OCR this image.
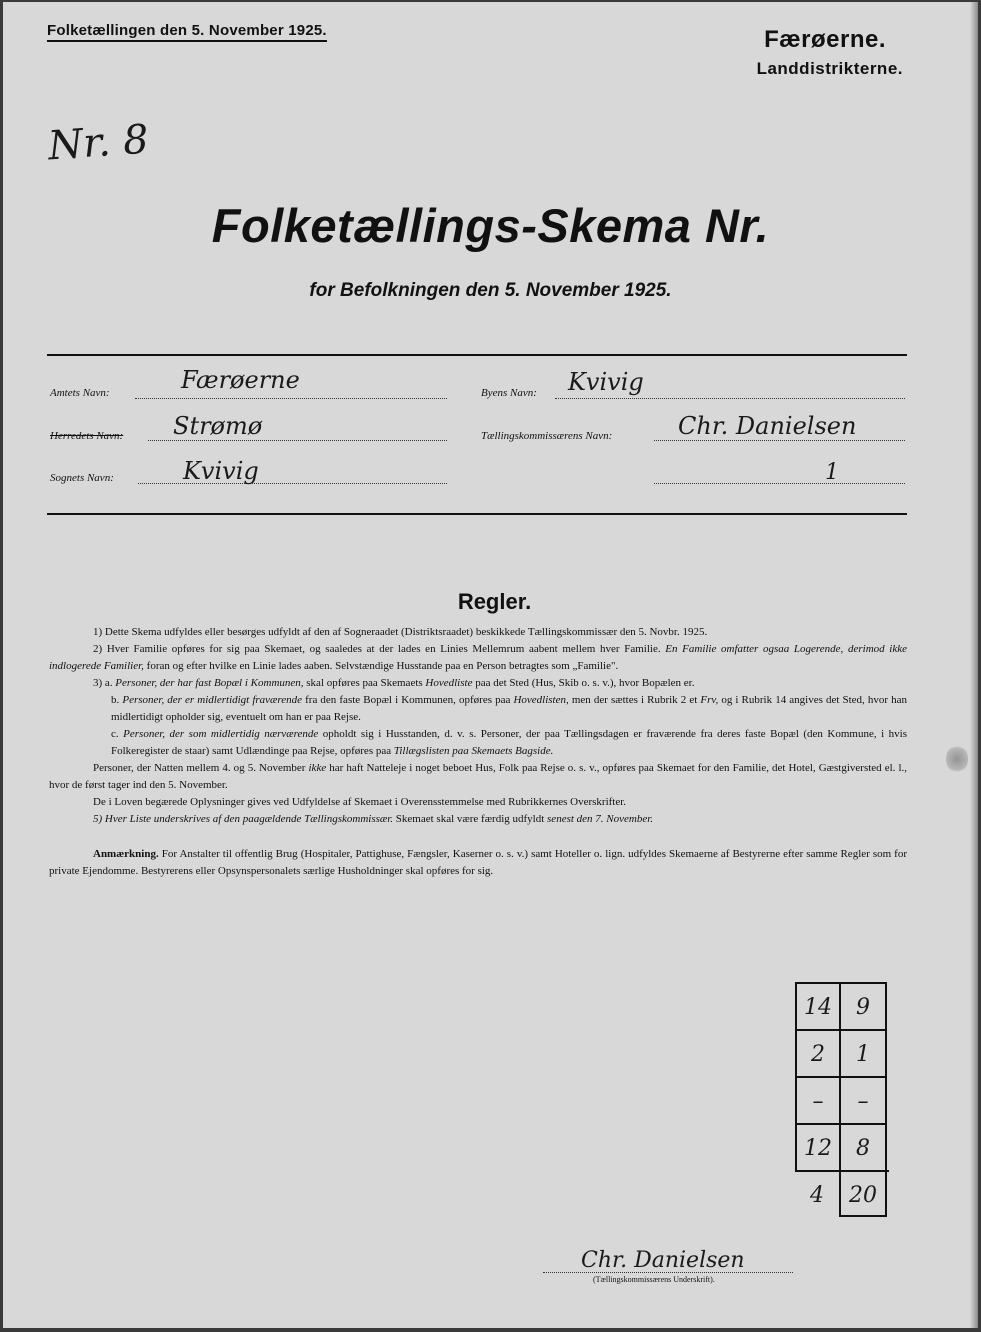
Folketællingen den 5. November 1925.	Færøerne.
Landdistrikterne.
Nr. 8
Folketællings-Skema Nr.
for Befolkningen den 5. November 1925.
Amtets Navn:	Færøerne
Herredets Navn: Strømø
Sognets Navn:	Kvivig
Byens Navn: Kvivig
Tællingskommissærens Navn:	Chr. Danielsen
1
Regler.

1) Dette Skema udfyldes eller besørges udfyldt af den af Sogneraadet (Distriktsraadet) beskikkede Tællingskommissær den 5. Novbr. 1925.

2) Hver Familie opføres for sig paa Skemaet, og saaledes at der lades en Linies Mellemrum aabent mellem hver Familie. En Familie omfatter ogsaa Logerende, derimod ikke indlogerede Familier, foran og efter hvilke en Linie lades aaben. Selvstændige Husstande paa en Person betragtes som „Familie".

3) a. Personer, der har fast Bopæl i Kommunen, skal opføres paa Skemaets Hovedliste paa det Sted (Hus, Skib o. s. v.), hvor Bopælen er.

b. Personer, der er midlertidigt fraværende fra den faste Bopæl i Kommunen, opføres paa Hovedlisten, men der sættes i Rubrik 2 et Frv, og i Rubrik 14 angives det Sted, hvor han midlertidigt opholder sig, eventuelt om han er paa Rejse.

c. Personer, der som midlertidig nærværende opholdt sig i Husstanden, d. v. s. Personer, der paa Tællingsdagen er fraværende fra deres faste Bopæl (den Kommune, i hvis Folkeregister de staar) samt Udlændinge paa Rejse, opføres paa Tillægslisten paa Skemaets Bagside.

Personer, der Natten mellem 4. og 5. November ikke har haft Natteleje i noget beboet Hus, Folk paa Rejse o. s. v., opføres paa Skemaet for den Familie, det Hotel, Gæstgiversted el. l., hvor de først tager ind den 5. November.

De i Loven begærede Oplysninger gives ved Udfyldelse af Skemaet i Overensstemmelse med Rubrikkernes Overskrifter.

5) Hver Liste underskrives af den paagældende Tællingskommissær. Skemaet skal være færdig udfyldt senest den 7. November.

Anmærkning. For Anstalter til offentlig Brug (Hospitaler, Pattighuse, Fængsler, Kaserner o. s. v.) samt Hoteller o. lign. udfyldes Skemaerne af Bestyrerne efter samme Regler som for private Ejendomme. Bestyrerens eller Opsynspersonalets særlige Husholdninger skal opføres for sig.

14	9
2	1
–	–
12	8
4	20
Chr. Danielsen
(Tællingskommissærens Underskrift).
